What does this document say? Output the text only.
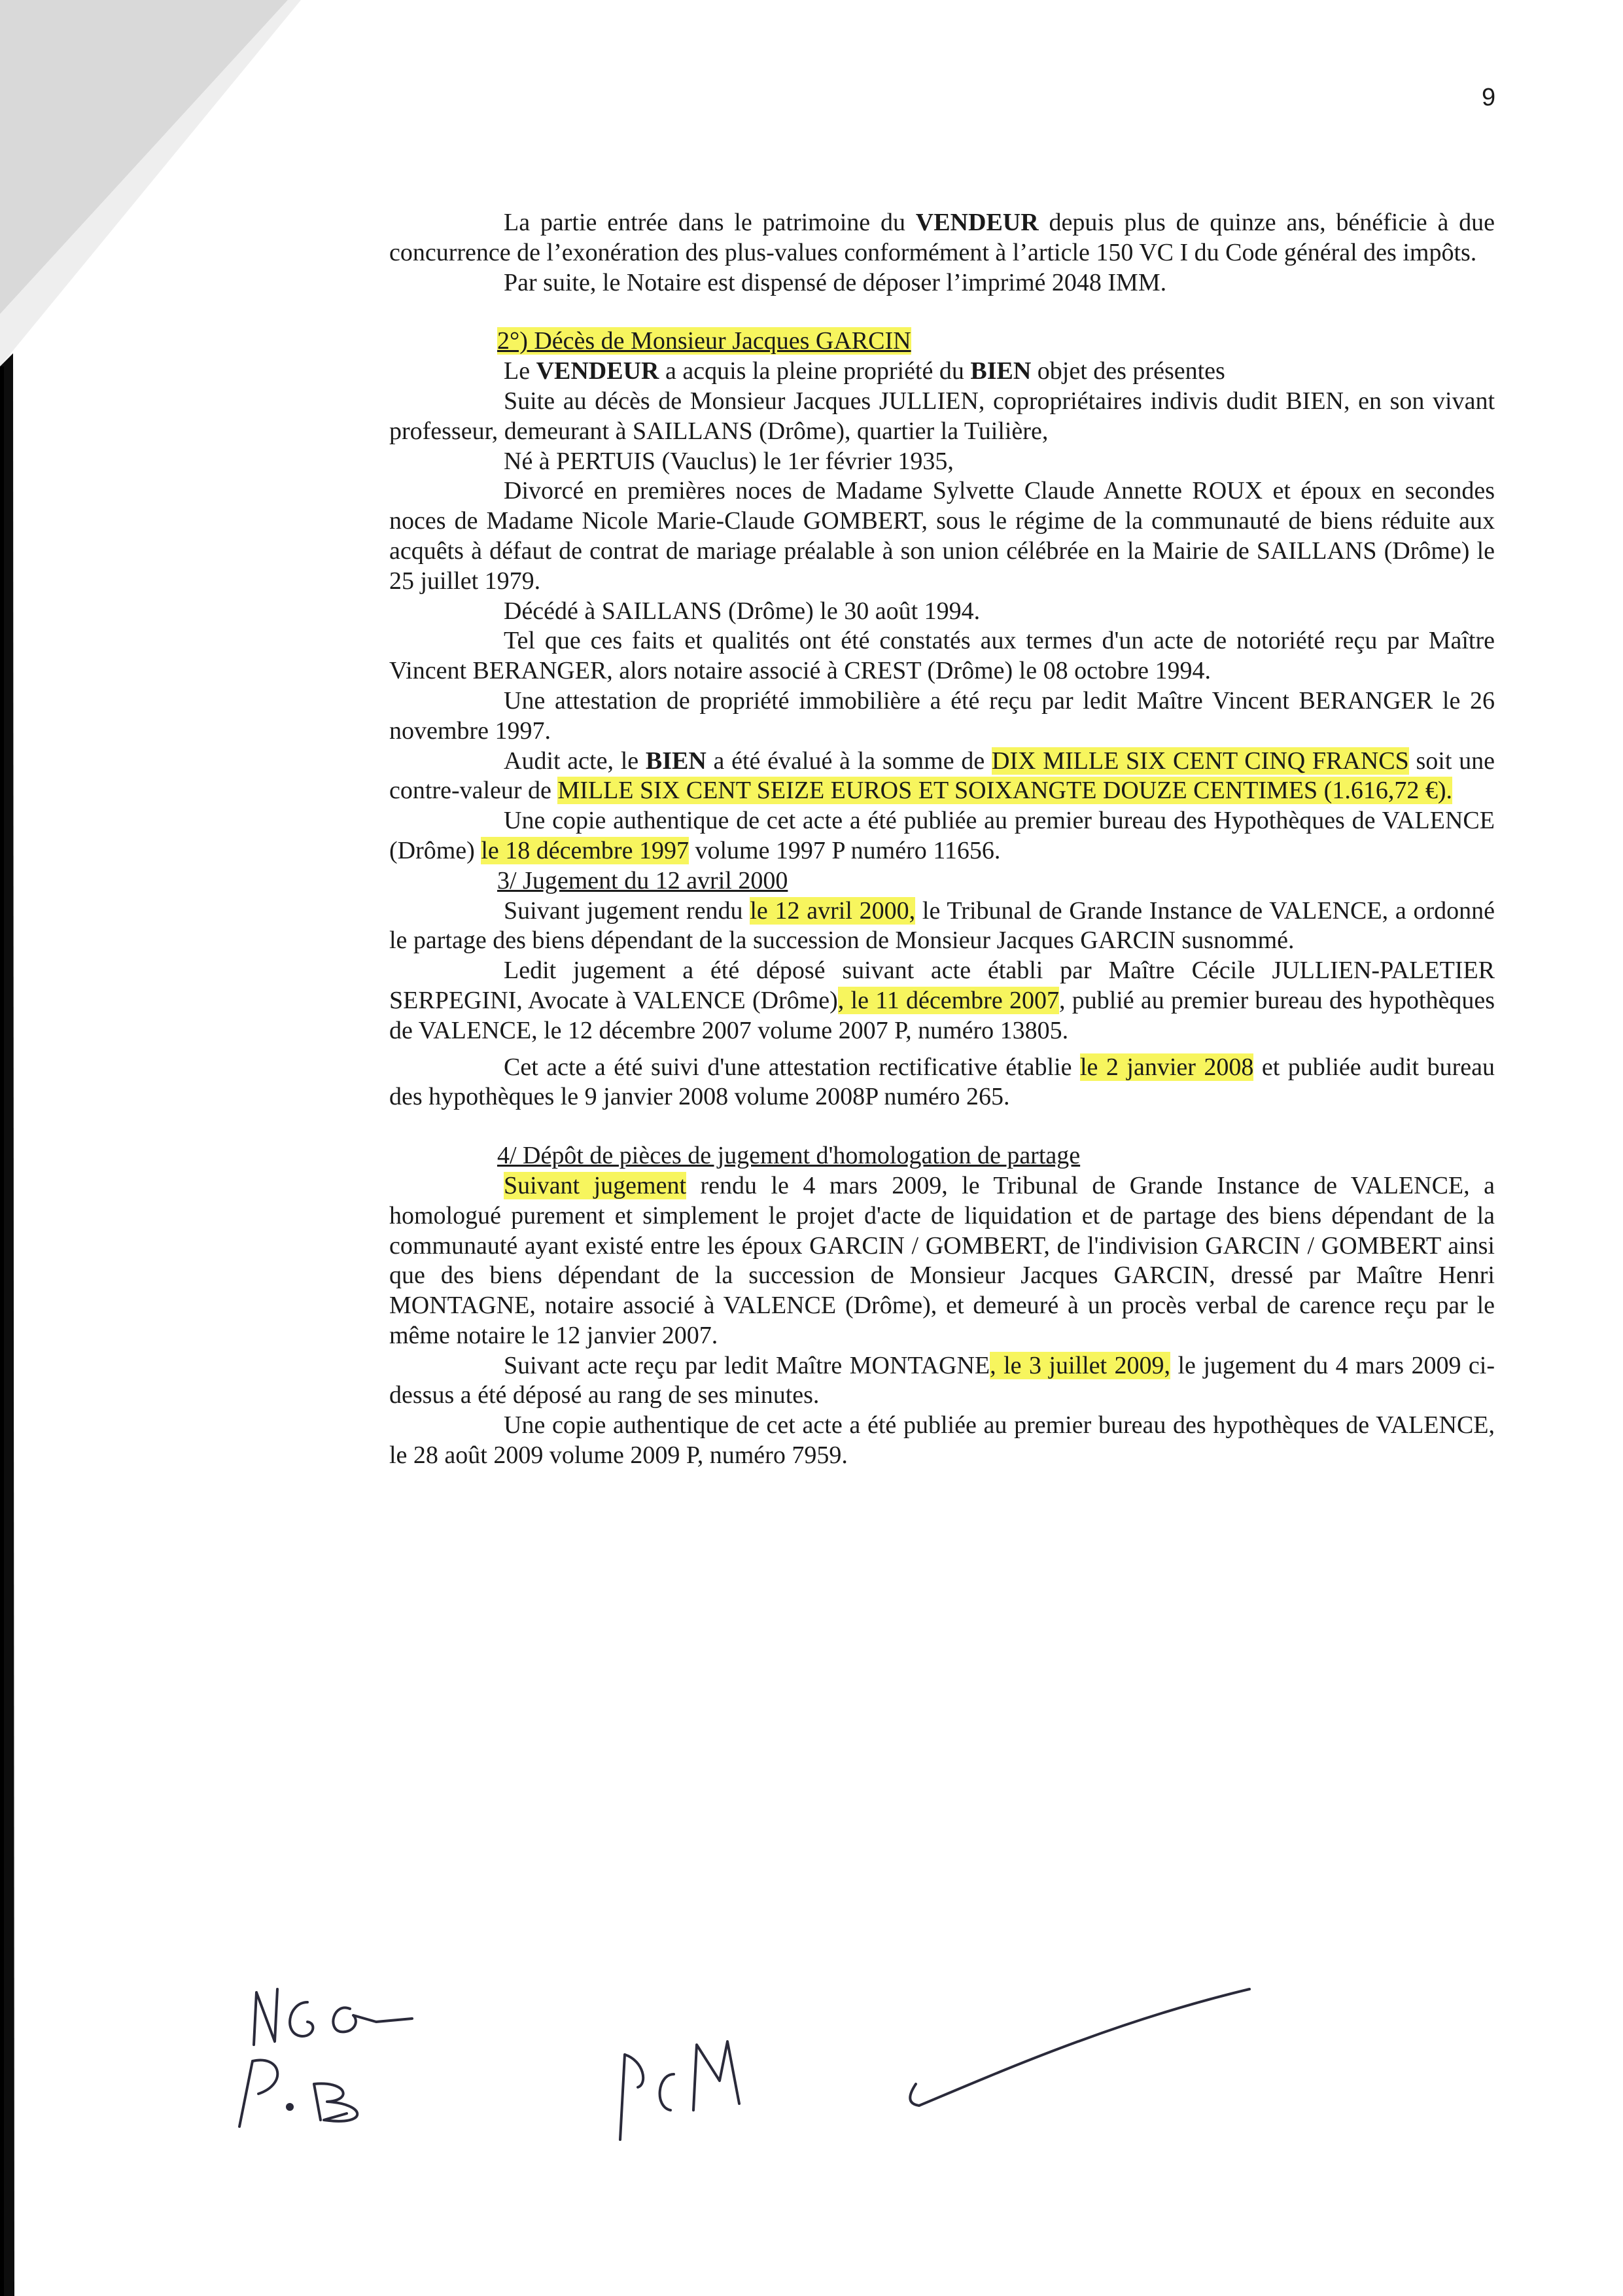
9

La partie entrée dans le patrimoine du VENDEUR depuis plus de quinze ans, bénéficie à due concurrence de l’exonération des plus-values conformément à l’article 150 VC I du Code général des impôts.

Par suite, le Notaire est dispensé de déposer l’imprimé 2048 IMM.

2°) Décès de Monsieur Jacques GARCIN

Le VENDEUR a acquis la pleine propriété du BIEN objet des présentes

Suite au décès de Monsieur Jacques JULLIEN, copropriétaires indivis dudit BIEN, en son vivant professeur, demeurant à SAILLANS (Drôme), quartier la Tuilière,

Né à PERTUIS (Vauclus) le 1er février 1935,

Divorcé en premières noces de Madame Sylvette Claude Annette ROUX et époux en secondes noces de Madame Nicole Marie-Claude GOMBERT, sous le régime de la communauté de biens réduite aux acquêts à défaut de contrat de mariage préalable à son union célébrée en la Mairie de SAILLANS (Drôme) le 25 juillet 1979.

Décédé à SAILLANS (Drôme) le 30 août 1994.

Tel que ces faits et qualités ont été constatés aux termes d'un acte de notoriété reçu par Maître Vincent BERANGER, alors notaire associé à CREST (Drôme) le 08 octobre 1994.

Une attestation de propriété immobilière a été reçu par ledit Maître Vincent BERANGER le 26 novembre 1997.

Audit acte, le BIEN a été évalué à la somme de DIX MILLE SIX CENT CINQ FRANCS soit une contre-valeur de MILLE SIX CENT SEIZE EUROS ET SOIXANGTE DOUZE CENTIMES (1.616,72 €).

Une copie authentique de cet acte a été publiée au premier bureau des Hypothèques de VALENCE (Drôme) le 18 décembre 1997 volume 1997 P numéro 11656.

3/ Jugement du 12 avril 2000

Suivant jugement rendu le 12 avril 2000, le Tribunal de Grande Instance de VALENCE, a ordonné le partage des biens dépendant de la succession de Monsieur Jacques GARCIN susnommé.

Ledit jugement a été déposé suivant acte établi par Maître Cécile JULLIEN-PALETIER SERPEGINI, Avocate à VALENCE (Drôme), le 11 décembre 2007, publié au premier bureau des hypothèques de VALENCE, le 12 décembre 2007 volume 2007 P, numéro 13805.

Cet acte a été suivi d'une attestation rectificative établie le 2 janvier 2008 et publiée audit bureau des hypothèques le 9 janvier 2008 volume 2008P numéro 265.

4/ Dépôt de pièces de jugement d'homologation de partage

Suivant jugement rendu le 4 mars 2009, le Tribunal de Grande Instance de VALENCE, a homologué purement et simplement le projet d'acte de liquidation et de partage des biens dépendant de la communauté ayant existé entre les époux GARCIN / GOMBERT, de l'indivision GARCIN / GOMBERT ainsi que des biens dépendant de la succession de Monsieur Jacques GARCIN, dressé par Maître Henri MONTAGNE, notaire associé à VALENCE (Drôme), et demeuré à un procès verbal de carence reçu par le même notaire le 12 janvier 2007.

Suivant acte reçu par ledit Maître MONTAGNE, le 3 juillet 2009, le jugement du 4 mars 2009 ci-dessus a été déposé au rang de ses minutes.

Une copie authentique de cet acte a été publiée au premier bureau des hypothèques de VALENCE, le 28 août 2009 volume 2009 P, numéro 7959.
